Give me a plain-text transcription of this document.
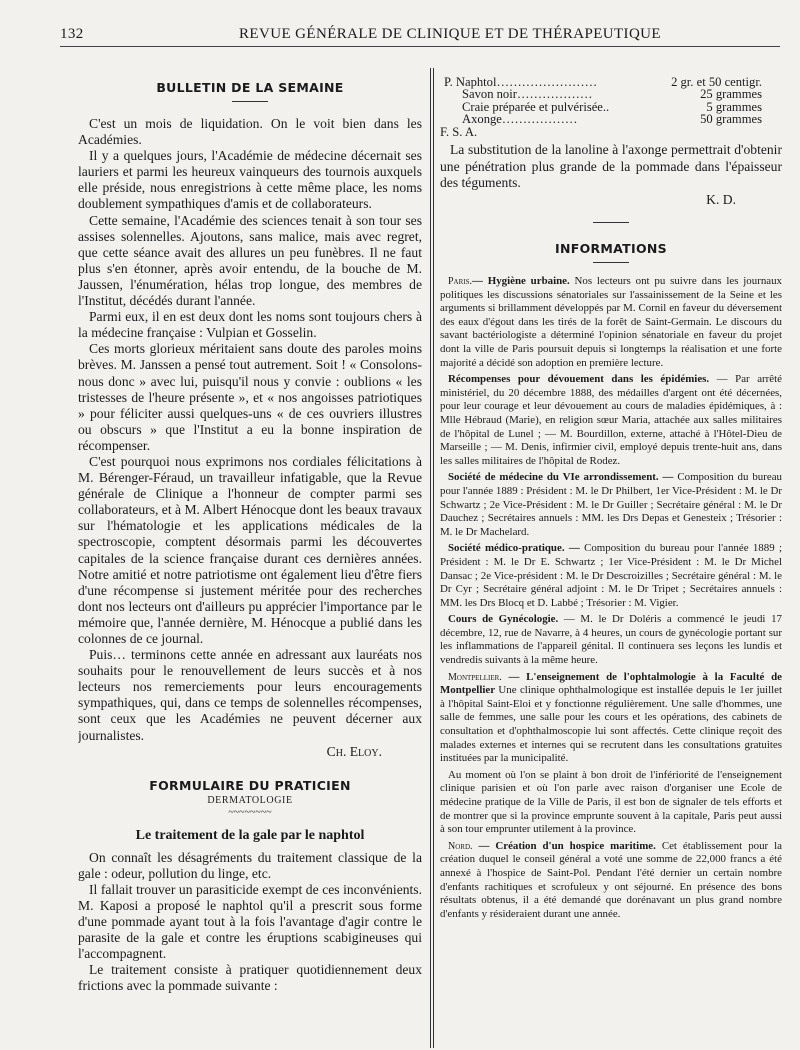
132	REVUE GÉNÉRALE DE CLINIQUE ET DE THÉRAPEUTIQUE
BULLETIN DE LA SEMAINE

C'est un mois de liquidation. On le voit bien dans les Académies.

Il y a quelques jours, l'Académie de médecine décernait ses lauriers et parmi les heureux vainqueurs des tournois auxquels elle préside, nous enregistrions à cette même place, les noms doublement sympathiques d'amis et de collaborateurs.

Cette semaine, l'Académie des sciences tenait à son tour ses assises solennelles. Ajoutons, sans malice, mais avec regret, que cette séance avait des allures un peu funèbres. Il ne faut plus s'en étonner, après avoir entendu, de la bouche de M. Jaussen, l'énumération, hélas trop longue, des membres de l'Institut, décédés durant l'année.

Parmi eux, il en est deux dont les noms sont toujours chers à la médecine française : Vulpian et Gosselin.

Ces morts glorieux méritaient sans doute des paroles moins brèves. M. Janssen a pensé tout autrement. Soit ! « Consolons-nous donc » avec lui, puisqu'il nous y convie : oublions « les tristesses de l'heure présente », et « nos angoisses patriotiques » pour féliciter aussi quelques-uns « de ces ouvriers illustres ou obscurs » que l'Institut a eu la bonne inspiration de récompenser.

C'est pourquoi nous exprimons nos cordiales félicitations à M. Bérenger-Féraud, un travailleur infatigable, que la Revue générale de Clinique a l'honneur de compter parmi ses collaborateurs, et à M. Albert Hénocque dont les beaux travaux sur l'hématologie et les applications médicales de la spectroscopie, comptent désormais parmi les découvertes capitales de la science française durant ces dernières années. Notre amitié et notre patriotisme ont également lieu d'être fiers d'une récompense si justement méritée pour des recherches dont nos lecteurs ont d'ailleurs pu apprécier l'importance par le mémoire que, l'année dernière, M. Hénocque a publié dans les colonnes de ce journal.

Puis… terminons cette année en adressant aux lauréats nos souhaits pour le renouvellement de leurs succès et à nos lecteurs nos remerciements pour leurs encouragements sympathiques, qui, dans ce temps de solennelles récompenses, sont ceux que les Académies ne peuvent décerner aux journalistes.

Ch. Eloy.
FORMULAIRE DU PRATICIEN
DERMATOLOGIE
~~~~~~~~
Le traitement de la gale par le naphtol

On connaît les désagréments du traitement classique de la gale : odeur, pollution du linge, etc.

Il fallait trouver un parasiticide exempt de ces inconvénients. M. Kaposi a proposé le naphtol qu'il a prescrit sous forme d'une pommade ayant tout à la fois l'avantage d'agir contre le parasite de la gale et contre les éruptions scabigineuses qui l'accompagnent.

Le traitement consiste à pratiquer quotidiennement deux frictions avec la pommade suivante :

P. Naphtol……………………	2 gr. et 50 centigr.
Savon noir………………	25 grammes
Craie préparée et pulvérisée..	5 grammes
Axonge………………	50 grammes
F. S. A.

La substitution de la lanoline à l'axonge permettrait d'obtenir une pénétration plus grande de la pommade dans l'épaisseur des téguments.

K. D.
INFORMATIONS

Paris.— Hygiène urbaine. Nos lecteurs ont pu suivre dans les journaux politiques les discussions sénatoriales sur l'assainissement de la Seine et les arguments si brillamment développés par M. Cornil en faveur du déversement des eaux d'égout dans les tirés de la forêt de Saint-Germain. Le discours du savant bactériologiste a déterminé l'opinion sénatoriale en faveur du projet dont la ville de Paris poursuit depuis si longtemps la réalisation et une forte majorité a décidé son adoption en première lecture.

Récompenses pour dévouement dans les épidémies. — Par arrêté ministériel, du 20 décembre 1888, des médailles d'argent ont été décernées, pour leur courage et leur dévouement au cours de maladies épidémiques, à : Mlle Hébraud (Marie), en religion sœur Maria, attachée aux salles militaires de l'hôpital de Lunel ; — M. Bourdillon, externe, attaché à l'Hôtel-Dieu de Marseille ; — M. Denis, infirmier civil, employé depuis trente-huit ans, dans les salles militaires de l'hôpital de Rodez.

Société de médecine du VIe arrondissement. — Composition du bureau pour l'année 1889 : Président : M. le Dr Philbert, 1er Vice-Président : M. le Dr Schwartz ; 2e Vice-Président : M. le Dr Guiller ; Secrétaire général : M. le Dr Dauchez ; Secrétaires annuels : MM. les Drs Depas et Genesteix ; Trésorier : M. le Dr Machelard.

Société médico-pratique. — Composition du bureau pour l'année 1889 ; Président : M. le Dr E. Schwartz ; 1er Vice-Président : M. le Dr Michel Dansac ; 2e Vice-président : M. le Dr Descroizilles ; Secrétaire général : M. le Dr Cyr ; Secrétaire général adjoint : M. le Dr Tripet ; Secrétaires annuels : MM. les Drs Blocq et D. Labbé ; Trésorier : M. Vigier.

Cours de Gynécologie. — M. le Dr Doléris a commencé le jeudi 17 décembre, 12, rue de Navarre, à 4 heures, un cours de gynécologie portant sur les inflammations de l'appareil génital. Il continuera ses leçons les lundis et vendredis suivants à la même heure.

Montpellier. — L'enseignement de l'ophtalmologie à la Faculté de Montpellier Une clinique ophthalmologique est installée depuis le 1er juillet à l'hôpital Saint-Eloi et y fonctionne régulièrement. Une salle d'hommes, une salle de femmes, une salle pour les cours et les opérations, des cabinets de consultation et d'ophthalmoscopie lui sont affectés. Cette clinique reçoit des malades externes et internes qui se recrutent dans les consultations gratuites instituées par la municipalité.

Au moment où l'on se plaint à bon droit de l'infériorité de l'enseignement clinique parisien et où l'on parle avec raison d'organiser une Ecole de médecine pratique de la Ville de Paris, il est bon de signaler de tels efforts et de montrer que si la province emprunte souvent à la capitale, Paris peut aussi à son tour emprunter utilement à la province.

Nord. — Création d'un hospice maritime. Cet établissement pour la création duquel le conseil général a voté une somme de 22,000 francs a été annexé à l'hospice de Saint-Pol. Pendant l'été dernier un certain nombre d'enfants rachitiques et scrofuleux y ont séjourné. En présence des bons résultats obtenus, il a été demandé que dorénavant un plus grand nombre d'enfants y résideraient durant une année.
